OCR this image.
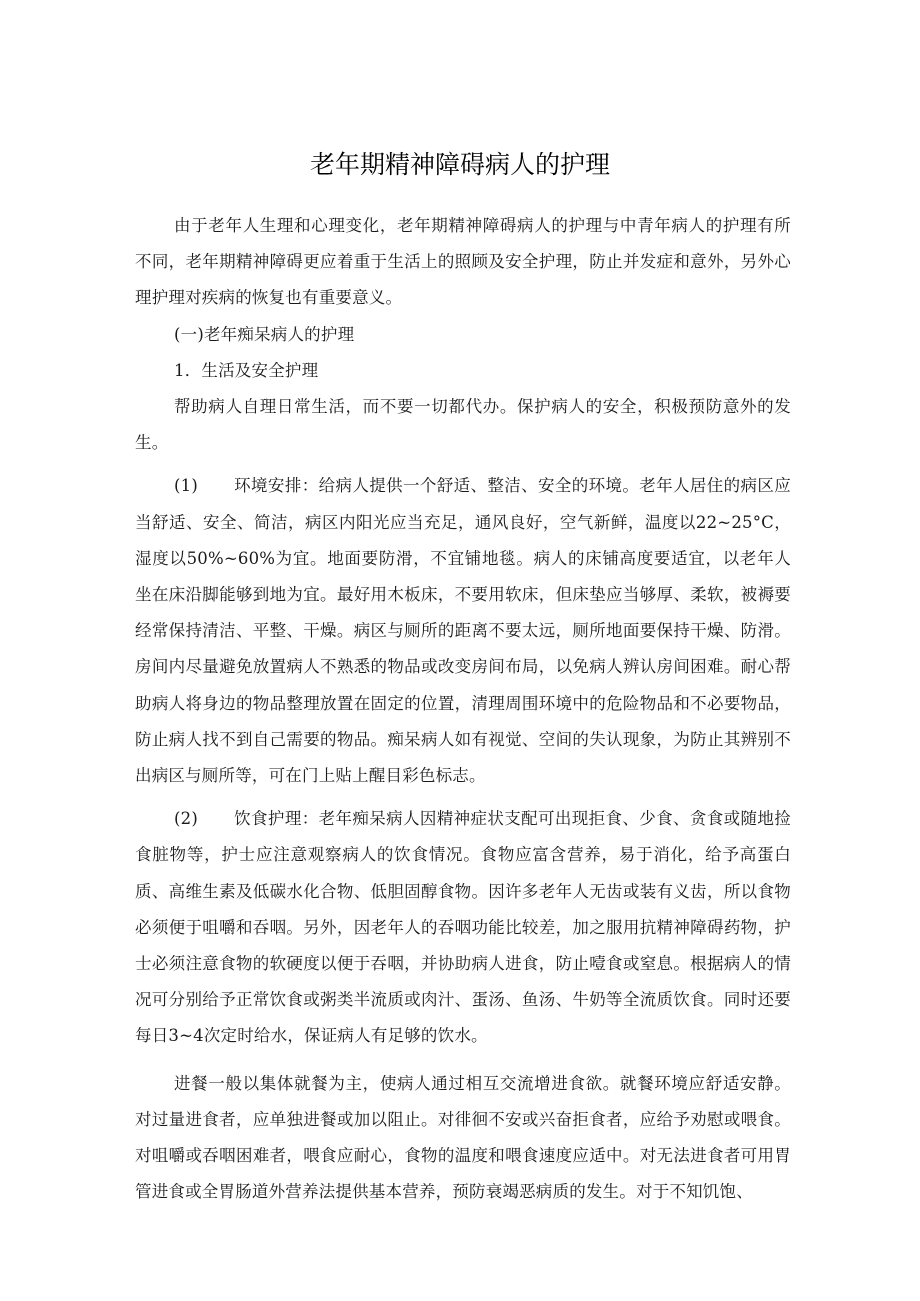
老年期精神障碍病人的护理

由于老年人生理和心理变化，老年期精神障碍病人的护理与中青年病人的护理有所不同，老年期精神障碍更应着重于生活上的照顾及安全护理，防止并发症和意外，另外心理护理对疾病的恢复也有重要意义。

(一)老年痴呆病人的护理

1．生活及安全护理

帮助病人自理日常生活，而不要一切都代办。保护病人的安全，积极预防意外的发生。

(1) 环境安排：给病人提供一个舒适、整洁、安全的环境。老年人居住的病区应当舒适、安全、简洁，病区内阳光应当充足，通风良好，空气新鲜，温度以22~25°C，湿度以50%~60%为宜。地面要防滑，不宜铺地毯。病人的床铺高度要适宜，以老年人坐在床沿脚能够到地为宜。最好用木板床，不要用软床，但床垫应当够厚、柔软，被褥要经常保持清洁、平整、干燥。病区与厕所的距离不要太远，厕所地面要保持干燥、防滑。房间内尽量避免放置病人不熟悉的物品或改变房间布局，以免病人辨认房间困难。耐心帮助病人将身边的物品整理放置在固定的位置，清理周围环境中的危险物品和不必要物品，防止病人找不到自己需要的物品。痴呆病人如有视觉、空间的失认现象，为防止其辨别不出病区与厕所等，可在门上贴上醒目彩色标志。

(2) 饮食护理：老年痴呆病人因精神症状支配可出现拒食、少食、贪食或随地捡食脏物等，护士应注意观察病人的饮食情况。食物应富含营养，易于消化，给予高蛋白质、高维生素及低碳水化合物、低胆固醇食物。因许多老年人无齿或装有义齿，所以食物必须便于咀嚼和吞咽。另外，因老年人的吞咽功能比较差，加之服用抗精神障碍药物，护士必须注意食物的软硬度以便于吞咽，并协助病人进食，防止噎食或窒息。根据病人的情况可分别给予正常饮食或粥类半流质或肉汁、蛋汤、鱼汤、牛奶等全流质饮食。同时还要每日3~4次定时给水，保证病人有足够的饮水。

进餐一般以集体就餐为主，使病人通过相互交流增进食欲。就餐环境应舒适安静。对过量进食者，应单独进餐或加以阻止。对徘徊不安或兴奋拒食者，应给予劝慰或喂食。对咀嚼或吞咽困难者，喂食应耐心，食物的温度和喂食速度应适中。对无法进食者可用胃管进食或全胃肠道外营养法提供基本营养，预防衰竭恶病质的发生。对于不知饥饱、
